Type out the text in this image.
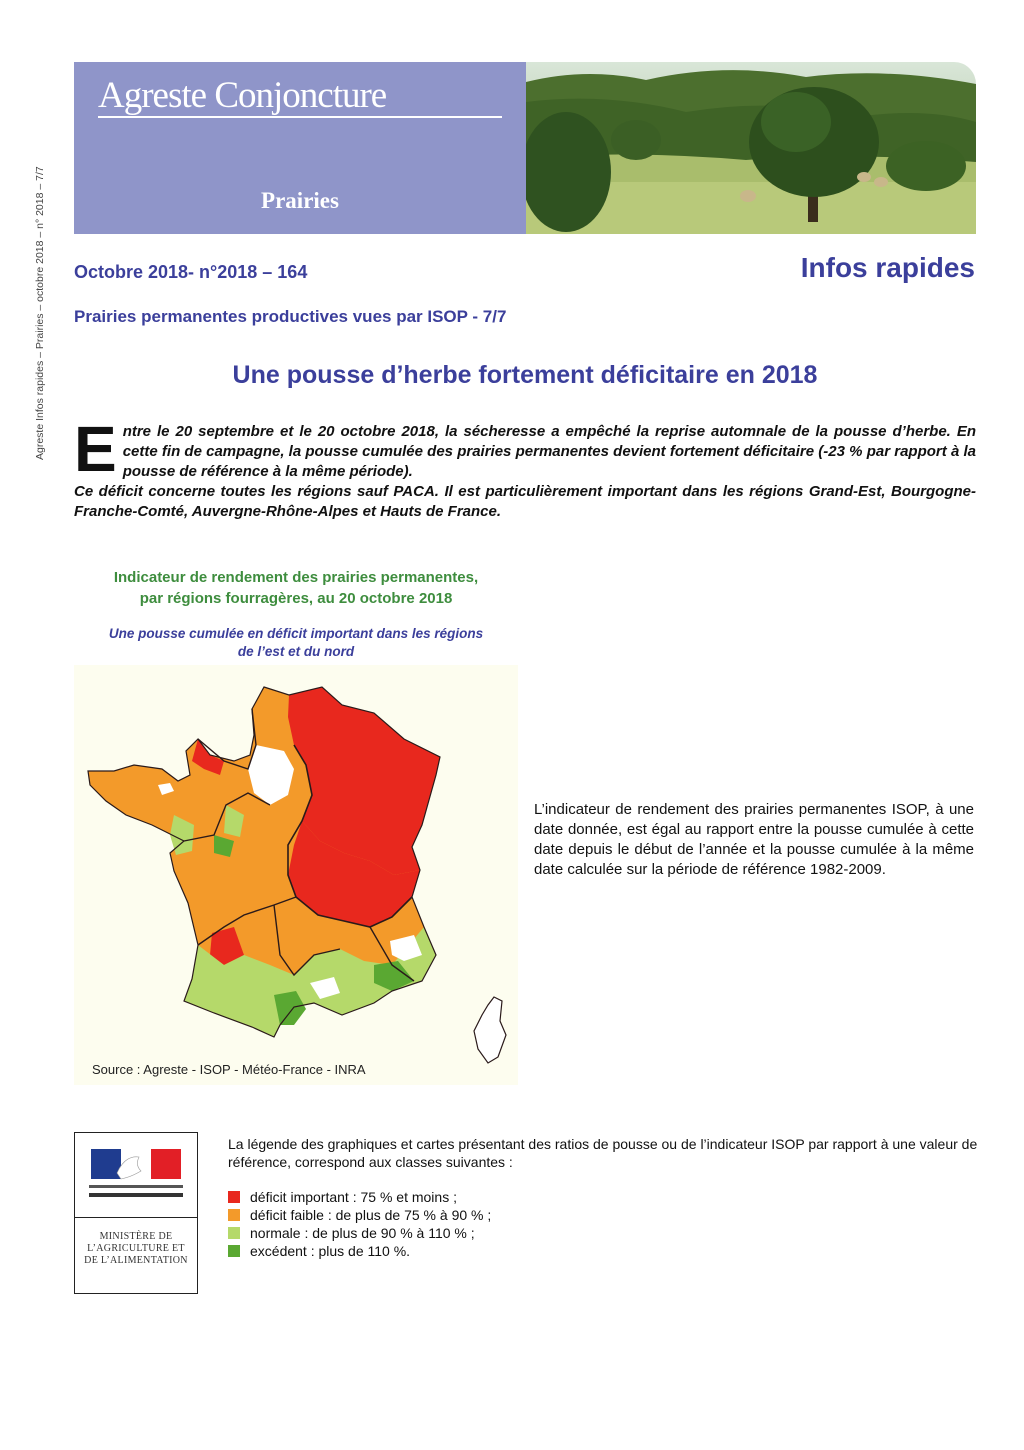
Agreste Infos rapides – Prairies – octobre 2018 – n° 2018 – 7/7
Agreste Conjoncture
Prairies
Octobre 2018- n°2018 – 164	Infos rapides
Prairies permanentes productives vues par ISOP - 7/7
Une pousse d’herbe fortement déficitaire en 2018
E ntre le 20 septembre et le 20 octobre 2018, la sécheresse a empêché la reprise automnale de la pousse d’herbe. En cette fin de campagne, la pousse cumulée des prairies permanentes devient fortement déficitaire (-23 % par rapport à la pousse de référence à la même période).

Ce déficit concerne toutes les régions sauf PACA. Il est particulièrement important dans les régions Grand-Est, Bourgogne-Franche-Comté, Auvergne-Rhône-Alpes et Hauts de France.

Indicateur de rendement des prairies permanentes,
par régions fourragères, au 20 octobre 2018
Une pousse cumulée en déficit important dans les régions
de l’est et du nord
Source : Agreste - ISOP - Météo-France - INRA
L’indicateur de rendement des prairies permanentes ISOP, à une date donnée, est égal au rapport entre la pousse cumulée à cette date depuis le début de l’année et la pousse cumulée à la même date calculée sur la période de référence 1982-2009.
MINISTÈRE DE L’AGRICULTURE ET DE L’ALIMENTATION
La légende des graphiques et cartes présentant des ratios de pousse ou de l’indicateur ISOP par rapport à une valeur de référence, correspond aux classes suivantes :
déficit important : 75 % et moins ;
déficit faible : de plus de 75 % à 90 % ;
normale : de plus de 90 % à 110 % ;
excédent : plus de 110 %.
